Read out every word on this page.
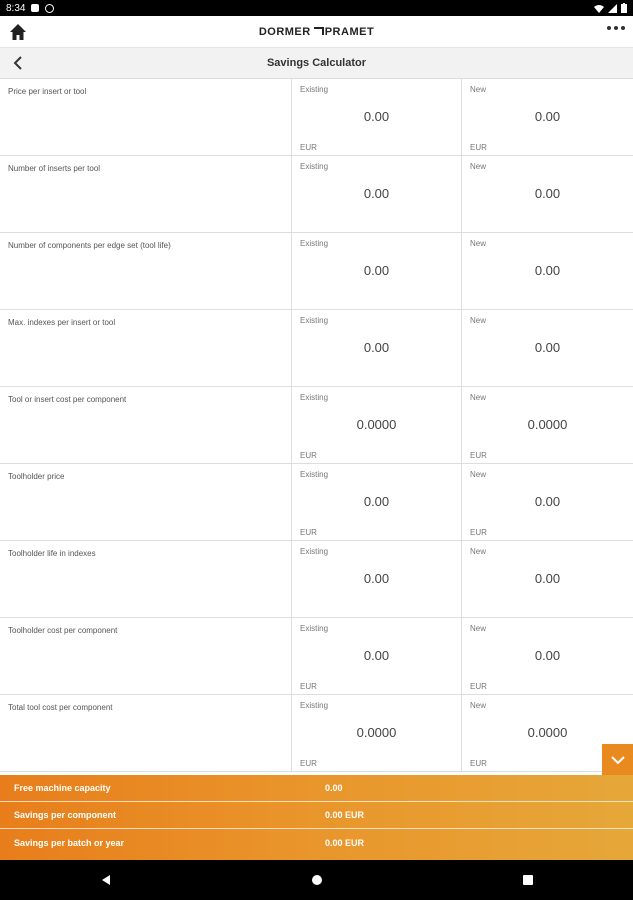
8:34
DORMER PRAMET
Savings Calculator
Price per insert or tool	Existing
0.00
EUR
New
0.00
EUR
Number of inserts per tool	Existing
0.00
New
0.00
Number of components per edge set (tool life)	Existing
0.00
New
0.00
Max. indexes per insert or tool	Existing
0.00
New
0.00
Tool or insert cost per component	Existing
0.0000
EUR
New
0.0000
EUR
Toolholder price	Existing
0.00
EUR
New
0.00
EUR
Toolholder life in indexes	Existing
0.00
New
0.00
Toolholder cost per component	Existing
0.00
EUR
New
0.00
EUR
Total tool cost per component	Existing
0.0000
EUR
New
0.0000
EUR
Free machine capacity	0.00
Savings per component	0.00 EUR
Savings per batch or year	0.00 EUR
